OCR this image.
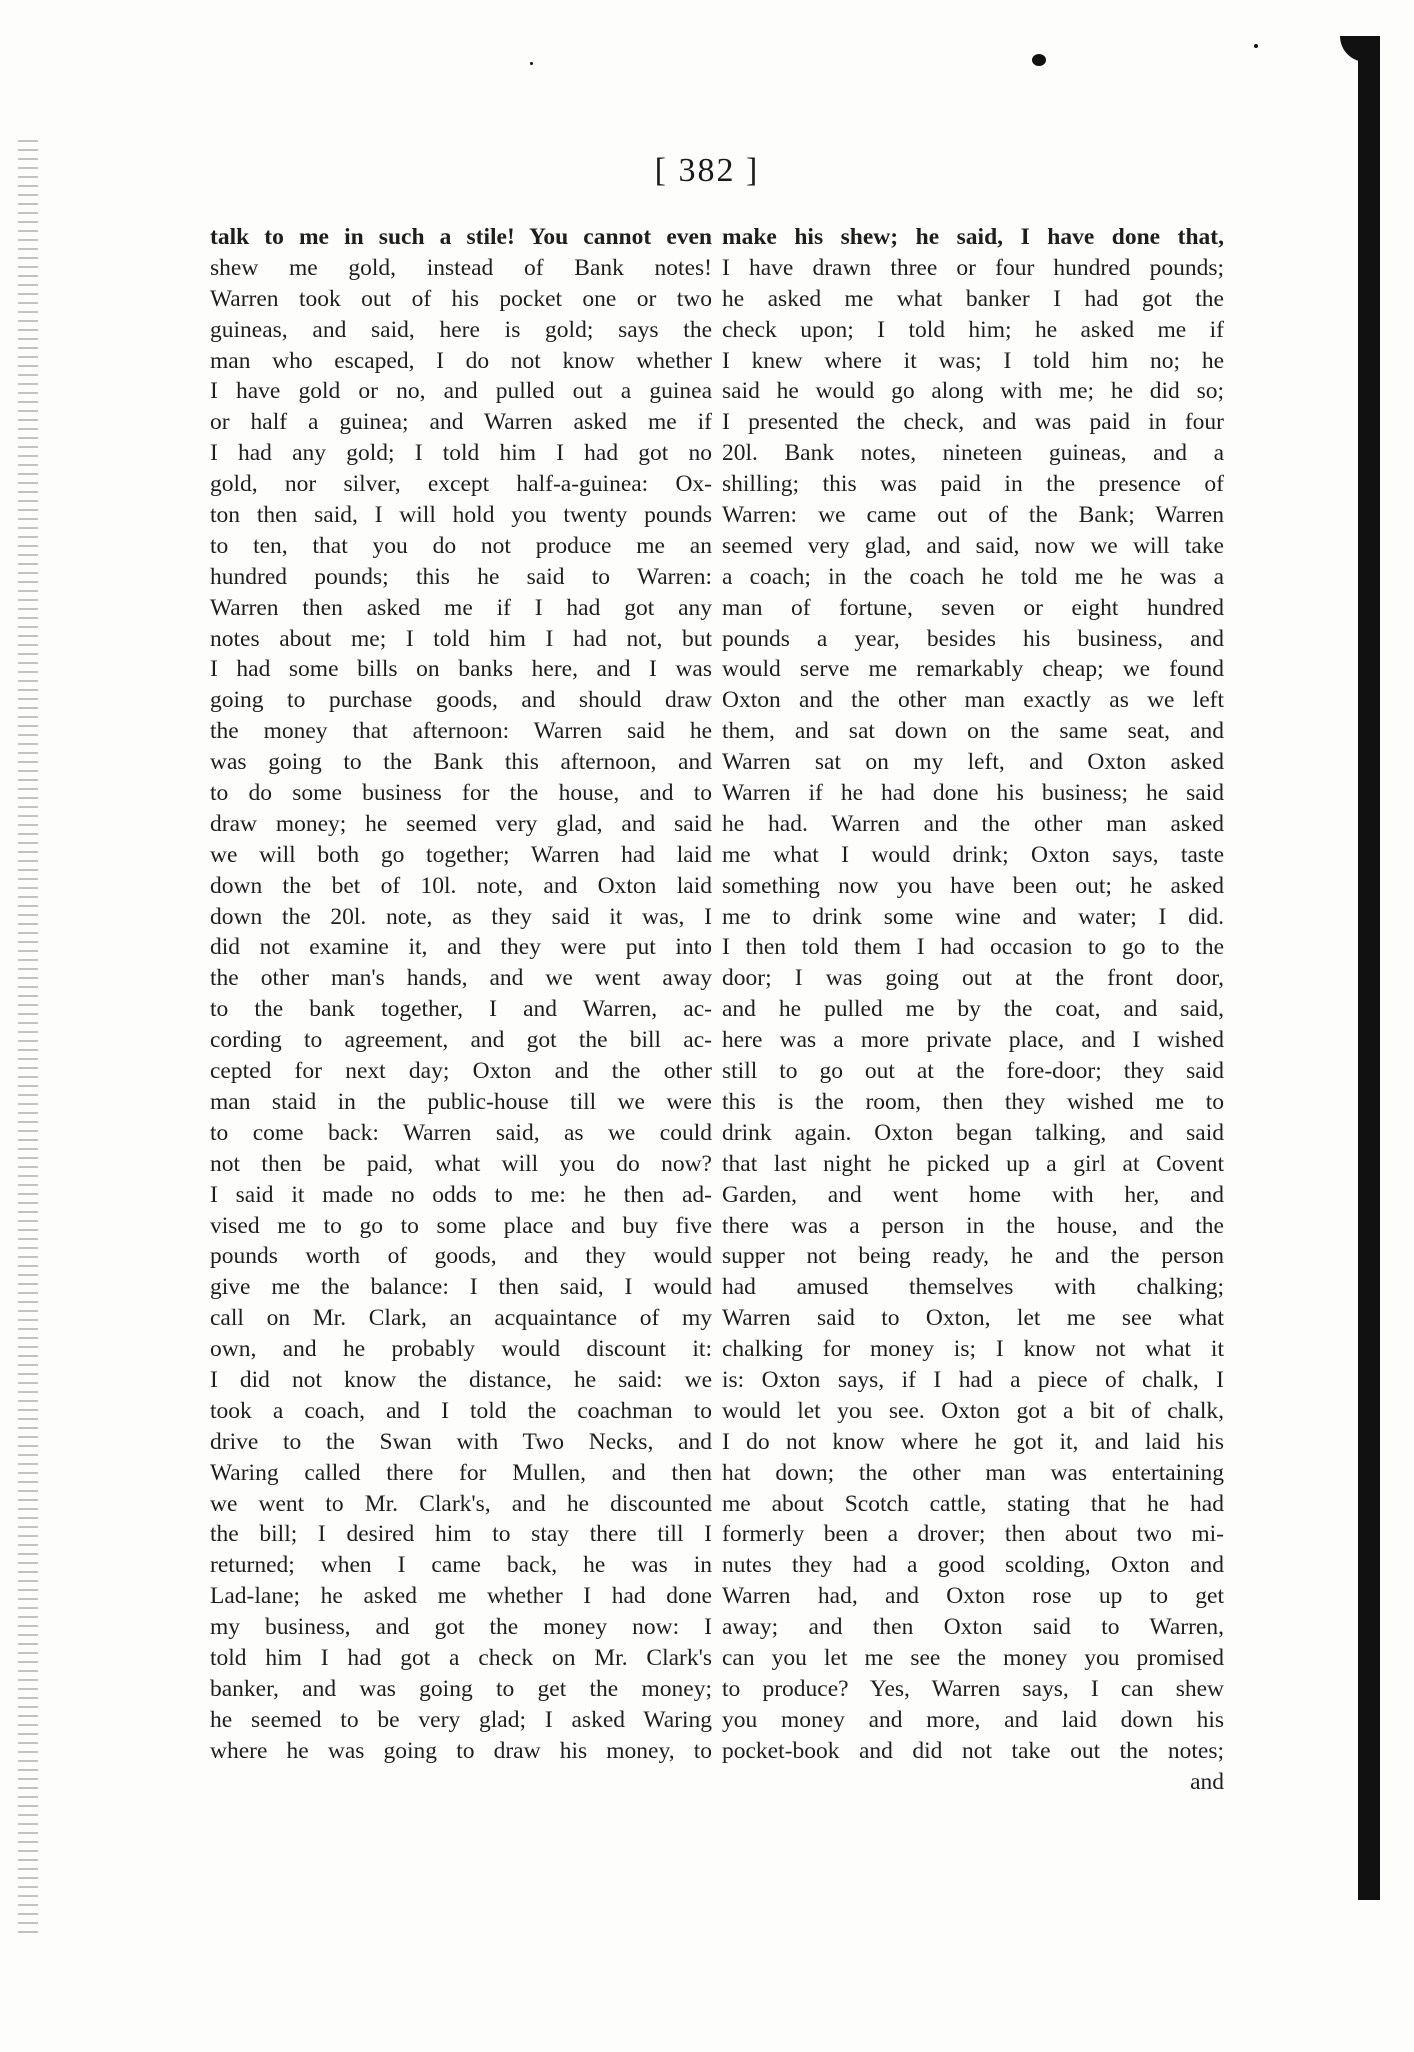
[ 382 ]
talk to me in such a stile! You cannot even
shew me gold, instead of Bank notes!
Warren took out of his pocket one or two
guineas, and said, here is gold; says the
man who escaped, I do not know whether
I have gold or no, and pulled out a guinea
or half a guinea; and Warren asked me if
I had any gold; I told him I had got no
gold, nor silver, except half-a-guinea: Ox-
ton then said, I will hold you twenty pounds
to ten, that you do not produce me an
hundred pounds; this he said to Warren:
Warren then asked me if I had got any
notes about me; I told him I had not, but
I had some bills on banks here, and I was
going to purchase goods, and should draw
the money that afternoon: Warren said he
was going to the Bank this afternoon, and
to do some business for the house, and to
draw money; he seemed very glad, and said
we will both go together; Warren had laid
down the bet of 10l. note, and Oxton laid
down the 20l. note, as they said it was, I
did not examine it, and they were put into
the other man's hands, and we went away
to the bank together, I and Warren, ac-
cording to agreement, and got the bill ac-
cepted for next day; Oxton and the other
man staid in the public-house till we were
to come back: Warren said, as we could
not then be paid, what will you do now?
I said it made no odds to me: he then ad-
vised me to go to some place and buy five
pounds worth of goods, and they would
give me the balance: I then said, I would
call on Mr. Clark, an acquaintance of my
own, and he probably would discount it:
I did not know the distance, he said: we
took a coach, and I told the coachman to
drive to the Swan with Two Necks, and
Waring called there for Mullen, and then
we went to Mr. Clark's, and he discounted
the bill; I desired him to stay there till I
returned; when I came back, he was in
Lad-lane; he asked me whether I had done
my business, and got the money now: I
told him I had got a check on Mr. Clark's
banker, and was going to get the money;
he seemed to be very glad; I asked Waring
where he was going to draw his money, to
make his shew; he said, I have done that,
I have drawn three or four hundred pounds;
he asked me what banker I had got the
check upon; I told him; he asked me if
I knew where it was; I told him no; he
said he would go along with me; he did so;
I presented the check, and was paid in four
20l. Bank notes, nineteen guineas, and a
shilling; this was paid in the presence of
Warren: we came out of the Bank; Warren
seemed very glad, and said, now we will take
a coach; in the coach he told me he was a
man of fortune, seven or eight hundred
pounds a year, besides his business, and
would serve me remarkably cheap; we found
Oxton and the other man exactly as we left
them, and sat down on the same seat, and
Warren sat on my left, and Oxton asked
Warren if he had done his business; he said
he had. Warren and the other man asked
me what I would drink; Oxton says, taste
something now you have been out; he asked
me to drink some wine and water; I did.
I then told them I had occasion to go to the
door; I was going out at the front door,
and he pulled me by the coat, and said,
here was a more private place, and I wished
still to go out at the fore-door; they said
this is the room, then they wished me to
drink again. Oxton began talking, and said
that last night he picked up a girl at Covent
Garden, and went home with her, and
there was a person in the house, and the
supper not being ready, he and the person
had amused themselves with chalking;
Warren said to Oxton, let me see what
chalking for money is; I know not what it
is: Oxton says, if I had a piece of chalk, I
would let you see. Oxton got a bit of chalk,
I do not know where he got it, and laid his
hat down; the other man was entertaining
me about Scotch cattle, stating that he had
formerly been a drover; then about two mi-
nutes they had a good scolding, Oxton and
Warren had, and Oxton rose up to get
away; and then Oxton said to Warren,
can you let me see the money you promised
to produce? Yes, Warren says, I can shew
you money and more, and laid down his
pocket-book and did not take out the notes;
and
